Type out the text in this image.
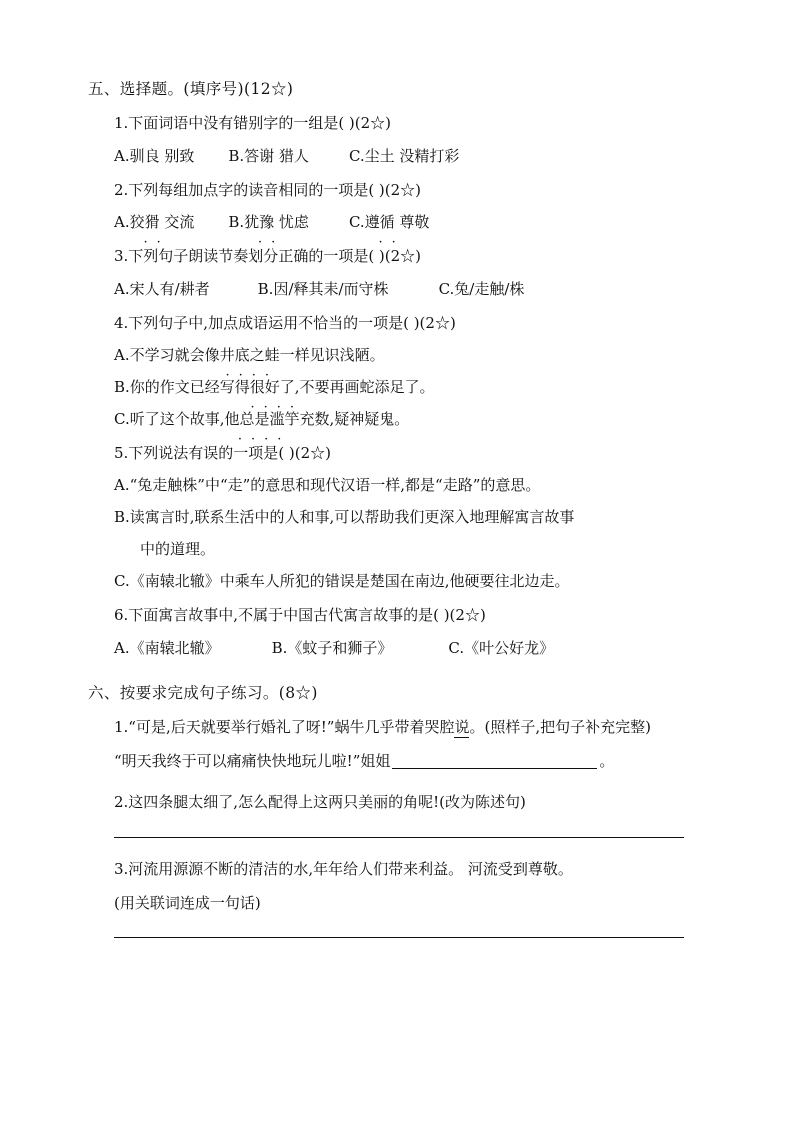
五、选择题。(填序号)(12☆)
1.下面词语中没有错别字的一组是( )(2☆)
A.驯良 别致 B.答谢 猎人	C.尘土 没精打彩
2.下列每组加点字的读音相同的一项是( )(2☆)
A.狡猾 交流 ·· B.犹豫 忧虑 ··	C.遵循 尊敬 ··
3.下列句子朗读节奏划分正确的一项是( )(2☆)
A.宋人有/耕者	B.因/释其耒/而守株	C.兔/走触/株
4.下列句子中,加点成语运用不恰当的一项是( )(2☆)
A.不学习就会像井底之蛙一样见识浅陋。 ····
B.你的作文已经写得很好了,不要再画蛇添足了。 ····
C.听了这个故事,他总是滥竽充数,疑神疑鬼。 ····
5.下列说法有误的一项是( )(2☆)
A.“兔走触株”中“走”的意思和现代汉语一样,都是“走路”的意思。
B.读寓言时,联系生活中的人和事,可以帮助我们更深入地理解寓言故事
中的道理。
C.《南辕北辙》中乘车人所犯的错误是楚国在南边,他硬要往北边走。
6.下面寓言故事中,不属于中国古代寓言故事的是( )(2☆)
A.《南辕北辙》	B.《蚊子和狮子》	C.《叶公好龙》
六、按要求完成句子练习。(8☆)
1.“可是,后天就要举行婚礼了呀!”蜗牛几乎带着哭腔说。(照样子,把句子补充完整)
“明天我终于可以痛痛快快地玩儿啦!”姐姐	。
2.这四条腿太细了,怎么配得上这两只美丽的角呢!(改为陈述句)
3.河流用源源不断的清洁的水,年年给人们带来利益。 河流受到尊敬。
(用关联词连成一句话)
